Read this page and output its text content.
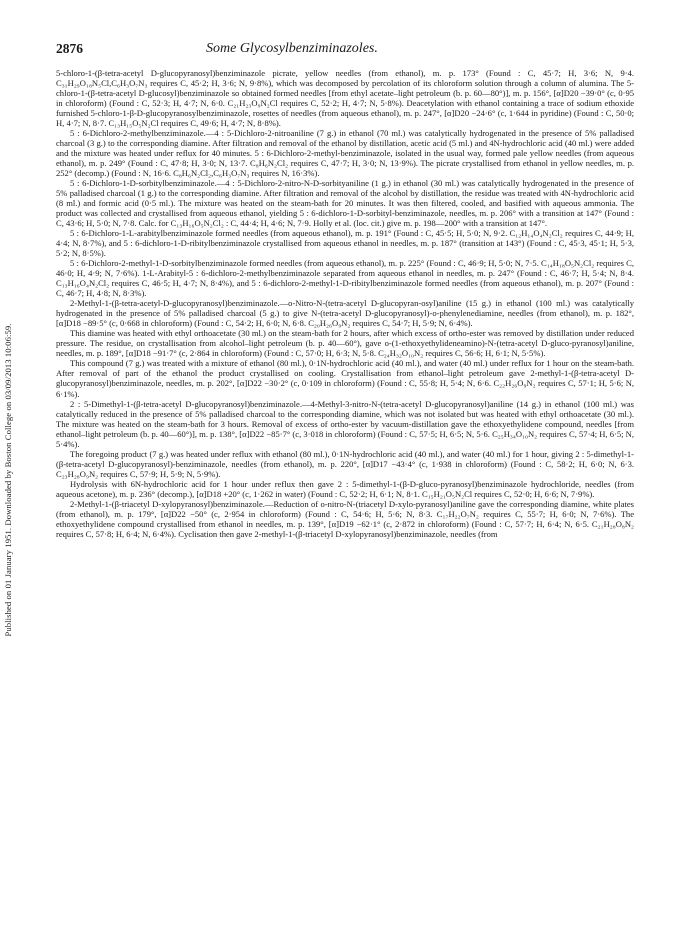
Published on 01 January 1951. Downloaded by Boston College on 03/09/2013 10:06:59.
2876	Some Glycosylbenziminazoles.

5-chloro-1-(β-tetra-acetyl D-glucopyranosyl)benziminazole picrate, yellow needles (from ethanol), m. p. 173° (Found : C, 45·7; H, 3·6; N, 9·4. C₃₁H₂₉O₁₈N₅Cl,C₆H₃O₇N₃ requires C, 45·2; H, 3·6; N, 9·8%), which was decomposed by percolation of its chloroform solution through a column of alumina. The 5-chloro-1-(β-tetra-acetyl D-glucosyl)benziminazole so obtained formed needles [from ethyl acetate–light petroleum (b. p. 60—80°)], m. p. 156°, [α]D20 −39·0° (c, 0·95 in chloroform) (Found : C, 52·3; H, 4·7; N, 6·0. C₂₁H₂₃O₉N₂Cl requires C, 52·2; H, 4·7; N, 5·8%). Deacetylation with ethanol containing a trace of sodium ethoxide furnished 5-chloro-1-β-D-glucopyranosylbenziminazole, rosettes of needles (from aqueous ethanol), m. p. 247°, [α]D20 −24·6° (c, 1·644 in pyridine) (Found : C, 50·0; H, 4·7; N, 8·7. C₁₃H₁₅O₅N₂Cl requires C, 49·6; H, 4·7; N, 8·8%).

5 : 6-Dichloro-2-methylbenziminazole.—4 : 5-Dichloro-2-nitroaniline (7 g.) in ethanol (70 ml.) was catalytically hydrogenated in the presence of 5% palladised charcoal (3 g.) to the corresponding diamine. After filtration and removal of the ethanol by distillation, acetic acid (5 ml.) and 4N-hydrochloric acid (40 ml.) were added and the mixture was heated under reflux for 40 minutes. 5 : 6-Dichloro-2-methyl-benziminazole, isolated in the usual way, formed pale yellow needles (from aqueous ethanol), m. p. 249° (Found : C, 47·8; H, 3·0; N, 13·7. C₈H₆N₂Cl₂ requires C, 47·7; H, 3·0; N, 13·9%). The picrate crystallised from ethanol in yellow needles, m. p. 252° (decomp.) (Found : N, 16·6. C₈H₆N₂Cl₂,C₆H₃O₇N₃ requires N, 16·3%).

5 : 6-Dichloro-1-D-sorbitylbenziminazole.—4 : 5-Dichloro-2-nitro-N-D-sorbityaniline (1 g.) in ethanol (30 ml.) was catalytically hydrogenated in the presence of 5% palladised charcoal (1 g.) to the corresponding diamine. After filtration and removal of the alcohol by distillation, the residue was treated with 4N-hydrochloric acid (8 ml.) and formic acid (0·5 ml.). The mixture was heated on the steam-bath for 20 minutes. It was then filtered, cooled, and basified with aqueous ammonia. The product was collected and crystallised from aqueous ethanol, yielding 5 : 6-dichloro-1-D-sorbityl-benziminazole, needles, m. p. 206° with a transition at 147° (Found : C, 43·6; H, 5·0; N, 7·8. Calc. for C₁₃H₁₆O₅N₂Cl₂ : C, 44·4; H, 4·6; N, 7·9. Holly et al. (loc. cit.) give m. p. 198—200° with a transition at 147°.

5 : 6-Dichloro-1-L-arabitylbenziminazole formed needles (from aqueous ethanol), m. p. 191° (Found : C, 45·5; H, 5·0; N, 9·2. C₁₂H₁₄O₄N₂Cl₂ requires C, 44·9; H, 4·4; N, 8·7%), and 5 : 6-dichloro-1-D-ribitylbenziminazole crystallised from aqueous ethanol in needles, m. p. 187° (transition at 143°) (Found : C, 45·3, 45·1; H, 5·3, 5·2; N, 8·5%).

5 : 6-Dichloro-2-methyl-1-D-sorbitylbenziminazole formed needles (from aqueous ethanol), m. p. 225° (Found : C, 46·9; H, 5·0; N, 7·5. C₁₄H₁₈O₅N₂Cl₂ requires C, 46·0; H, 4·9; N, 7·6%). 1-L-Arabityl-5 : 6-dichloro-2-methylbenziminazole separated from aqueous ethanol in needles, m. p. 247° (Found : C, 46·7; H, 5·4; N, 8·4. C₁₃H₁₆O₄N₂Cl₂ requires C, 46·5; H, 4·7; N, 8·4%), and 5 : 6-dichloro-2-methyl-1-D-ribitylbenziminazole formed needles (from aqueous ethanol), m. p. 207° (Found : C, 46·7; H, 4·8; N, 8·3%).

2-Methyl-1-(β-tetra-acetyl-D-glucopyranosyl)benziminazole.—o-Nitro-N-(tetra-acetyl D-glucopyran-osyl)aniline (15 g.) in ethanol (100 ml.) was catalytically hydrogenated in the presence of 5% palladised charcoal (5 g.) to give N-(tetra-acetyl D-glucopyranosyl)-o-phenylenediamine, needles (from ethanol), m. p. 182°, [α]D18 −89·5° (c, 0·668 in chloroform) (Found : C, 54·2; H, 6·0; N, 6·8. C₂₀H₂₆O₉N₂ requires C, 54·7; H, 5·9; N, 6·4%).

This diamine was heated with ethyl orthoacetate (30 ml.) on the steam-bath for 2 hours, after which excess of ortho-ester was removed by distillation under reduced pressure. The residue, on crystallisation from alcohol–light petroleum (b. p. 40—60°), gave o-(1-ethoxyethylideneamino)-N-(tetra-acetyl D-gluco-pyranosyl)aniline, needles, m. p. 189°, [α]D18 −91·7° (c, 2·864 in chloroform) (Found : C, 57·0; H, 6·3; N, 5·8. C₂₄H₃₂O₁₀N₂ requires C, 56·6; H, 6·1; N, 5·5%).

This compound (7 g.) was treated with a mixture of ethanol (80 ml.), 0·1N-hydrochloric acid (40 ml.), and water (40 ml.) under reflux for 1 hour on the steam-bath. After removal of part of the ethanol the product crystallised on cooling. Crystallisation from ethanol–light petroleum gave 2-methyl-1-(β-tetra-acetyl D-glucopyranosyl)benziminazole, needles, m. p. 202°, [α]D22 −30·2° (c, 0·109 in chloroform) (Found : C, 55·8; H, 5·4; N, 6·6. C₂₂H₂₆O₉N₂ requires C, 57·1; H, 5·6; N, 6·1%).

2 : 5-Dimethyl-1-(β-tetra-acetyl D-glucopyranosyl)benziminazole.—4-Methyl-3-nitro-N-(tetra-acetyl D-glucopyranosyl)aniline (14 g.) in ethanol (100 ml.) was catalytically reduced in the presence of 5% palladised charcoal to the corresponding diamine, which was not isolated but was heated with ethyl orthoacetate (30 ml.). The mixture was heated on the steam-bath for 3 hours. Removal of excess of ortho-ester by vacuum-distillation gave the ethoxyethylidene compound, needles [from ethanol–light petroleum (b. p. 40—60°)], m. p. 138°, [α]D22 −85·7° (c, 3·018 in chloroform) (Found : C, 57·5; H, 6·5; N, 5·6. C₂₅H₃₄O₁₀N₂ requires C, 57·4; H, 6·5; N, 5·4%).

The foregoing product (7 g.) was heated under reflux with ethanol (80 ml.), 0·1N-hydrochloric acid (40 ml.), and water (40 ml.) for 1 hour, giving 2 : 5-dimethyl-1-(β-tetra-acetyl D-glucopyranosyl)-benziminazole, needles (from ethanol), m. p. 220°, [α]D17 −43·4° (c, 1·938 in chloroform) (Found : C, 58·2; H, 6·0; N, 6·3. C₂₃H₂₈O₉N₂ requires C, 57·9; H, 5·9; N, 5·9%).

Hydrolysis with 6N-hydrochloric acid for 1 hour under reflux then gave 2 : 5-dimethyl-1-(β-D-gluco-pyranosyl)benziminazole hydrochloride, needles (from aqueous acetone), m. p. 236° (decomp.), [α]D18 +20° (c, 1·262 in water) (Found : C, 52·2; H, 6·1; N, 8·1. C₁₅H₂₁O₅N₂Cl requires C, 52·0; H, 6·6; N, 7·9%).

2-Methyl-1-(β-triacetyl D-xylopyranosyl)benziminazole.—Reduction of o-nitro-N-(triacetyl D-xylo-pyranosyl)aniline gave the corresponding diamine, white plates (from ethanol), m. p. 179°, [α]D22 −50° (c, 2·954 in chloroform) (Found : C, 54·6; H, 5·6; N, 8·3. C₁₇H₂₂O₇N₂ requires C, 55·7; H, 6·0; N, 7·6%). The ethoxyethylidene compound crystallised from ethanol in needles, m. p. 139°, [α]D19 −62·1° (c, 2·872 in chloroform) (Found : C, 57·7; H, 6·4; N, 6·5. C₂₁H₂₈O₈N₂ requires C, 57·8; H, 6·4; N, 6·4%). Cyclisation then gave 2-methyl-1-(β-triacetyl D-xylopyranosyl)benziminazole, needles (from
